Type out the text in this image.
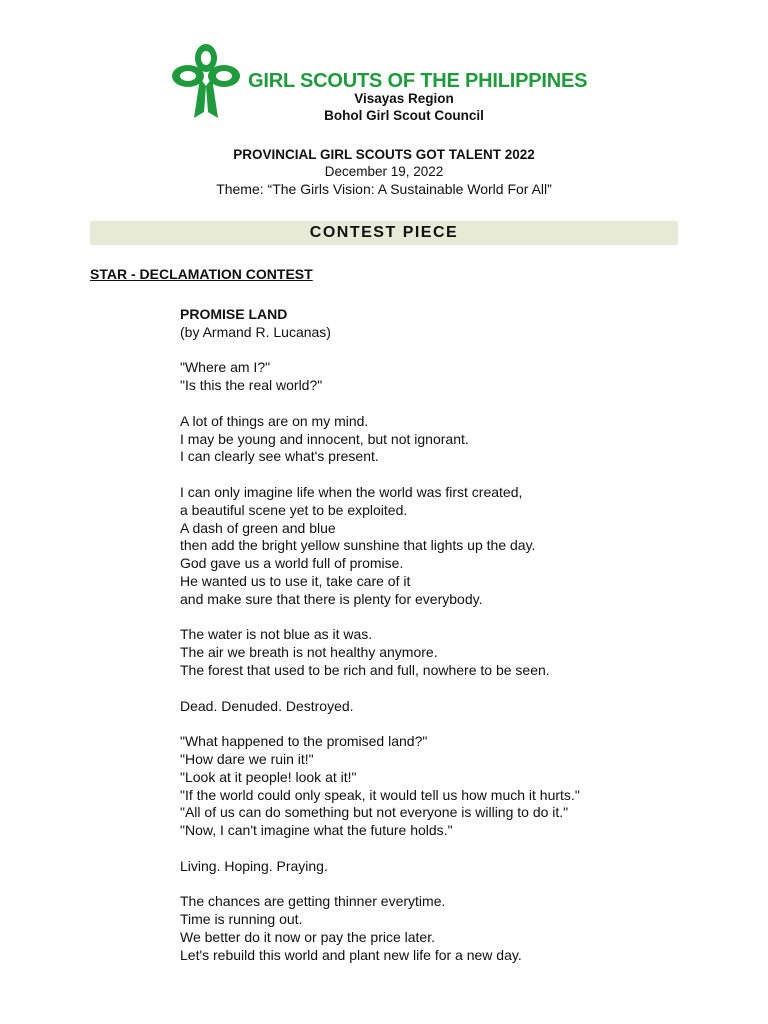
GIRL SCOUTS OF THE PHILIPPINES
Visayas Region
Bohol Girl Scout Council
PROVINCIAL GIRL SCOUTS GOT TALENT 2022
December 19, 2022
Theme: “The Girls Vision: A Sustainable World For All”
CONTEST PIECE
STAR - DECLAMATION CONTEST

PROMISE LAND

(by Armand R. Lucanas)

"Where am I?"

"Is this the real world?"

A lot of things are on my mind.

I may be young and innocent, but not ignorant.

I can clearly see what's present.

I can only imagine life when the world was first created,

a beautiful scene yet to be exploited.

A dash of green and blue

then add the bright yellow sunshine that lights up the day.

God gave us a world full of promise.

He wanted us to use it, take care of it

and make sure that there is plenty for everybody.

The water is not blue as it was.

The air we breath is not healthy anymore.

The forest that used to be rich and full, nowhere to be seen.

Dead. Denuded. Destroyed.

"What happened to the promised land?"

"How dare we ruin it!"

"Look at it people! look at it!"

"If the world could only speak, it would tell us how much it hurts."

"All of us can do something but not everyone is willing to do it."

"Now, I can't imagine what the future holds."

Living. Hoping. Praying.

The chances are getting thinner everytime.

Time is running out.

We better do it now or pay the price later.

Let's rebuild this world and plant new life for a new day.
